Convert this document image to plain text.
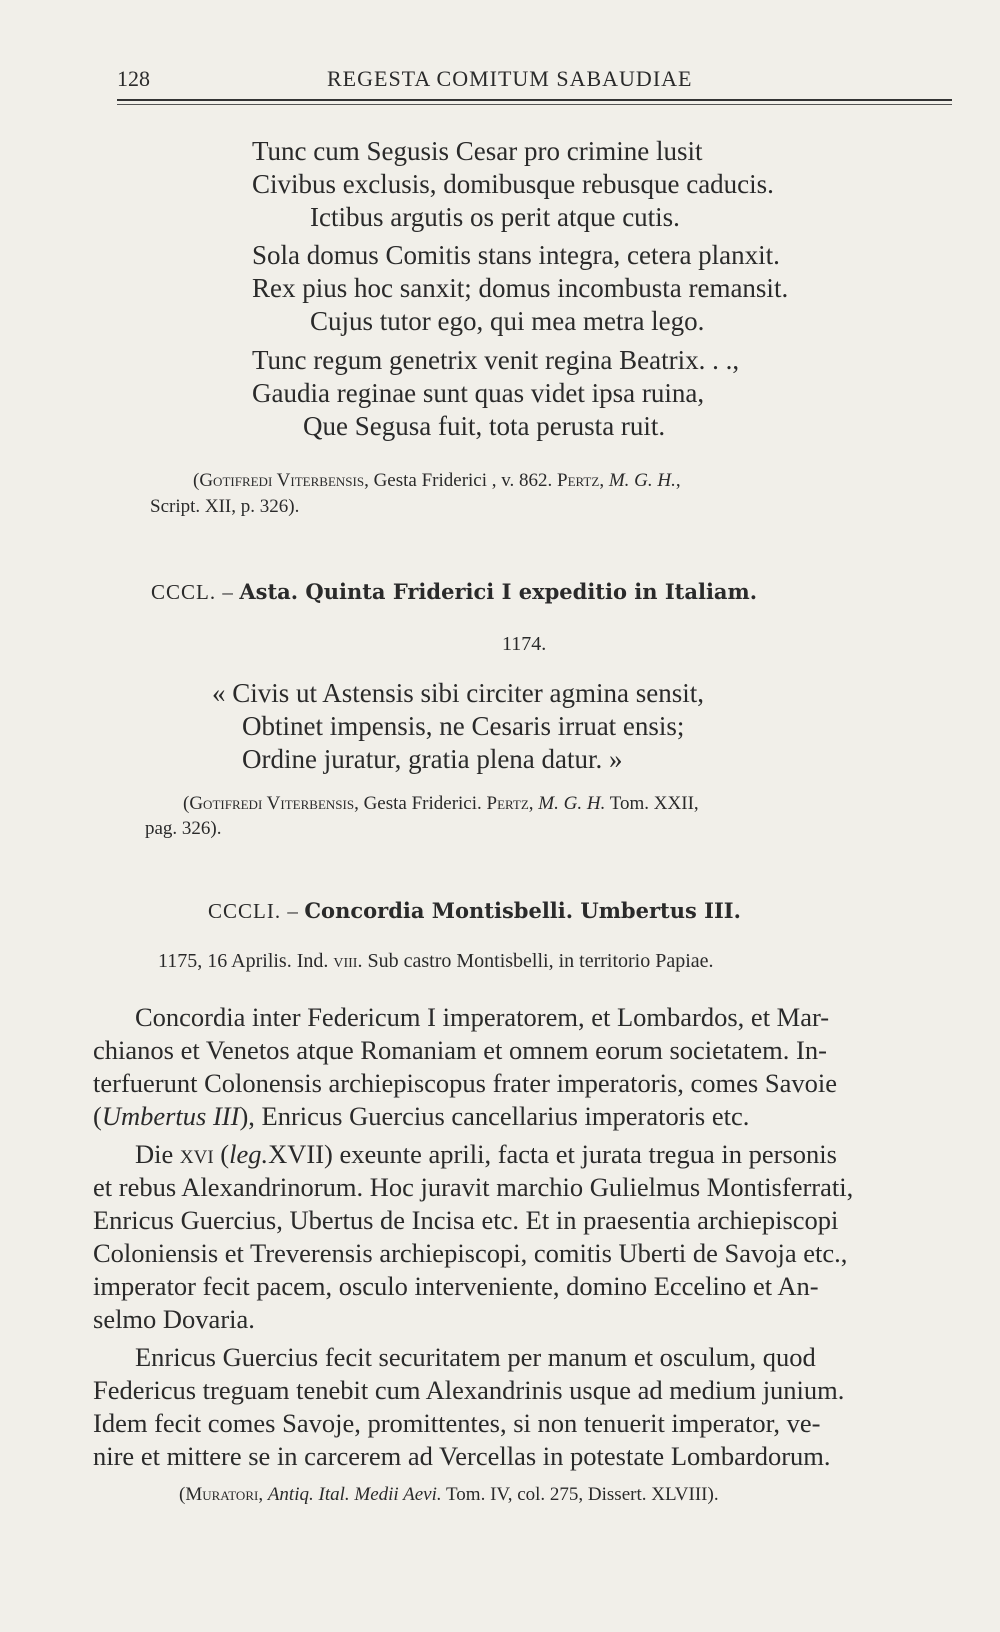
128	REGESTA COMITUM SABAUDIAE
Tunc cum Segusis Cesar pro crimine lusit
Civibus exclusis, domibusque rebusque caducis.
Ictibus argutis os perit atque cutis.
Sola domus Comitis stans integra, cetera planxit.
Rex pius hoc sanxit; domus incombusta remansit.
Cujus tutor ego, qui mea metra lego.
Tunc regum genetrix venit regina Beatrix. . .,
Gaudia reginae sunt quas videt ipsa ruina,
Que Segusa fuit, tota perusta ruit.
(Gotifredi Viterbensis, Gesta Friderici , v. 862. Pertz, M. G. H.,
Script. XII, p. 326).
CCCL. – Asta. Quinta Friderici I expeditio in Italiam.
1174.
« Civis ut Astensis sibi circiter agmina sensit,
Obtinet impensis, ne Cesaris irruat ensis;
Ordine juratur, gratia plena datur. »
(Gotifredi Viterbensis, Gesta Friderici. Pertz, M. G. H. Tom. XXII,
pag. 326).
CCCLI. – Concordia Montisbelli. Umbertus III.
1175, 16 Aprilis. Ind. viii. Sub castro Montisbelli, in territorio Papiae.
Concordia inter Federicum I imperatorem, et Lombardos, et Mar-
chianos et Venetos atque Romaniam et omnem eorum societatem. In-
terfuerunt Colonensis archiepiscopus frater imperatoris, comes Savoie
(Umbertus III), Enricus Guercius cancellarius imperatoris etc.
Die xvi (leg.XVII) exeunte aprili, facta et jurata tregua in personis
et rebus Alexandrinorum. Hoc juravit marchio Gulielmus Montisferrati,
Enricus Guercius, Ubertus de Incisa etc. Et in praesentia archiepiscopi
Coloniensis et Treverensis archiepiscopi, comitis Uberti de Savoja etc.,
imperator fecit pacem, osculo interveniente, domino Eccelino et An-
selmo Dovaria.
Enricus Guercius fecit securitatem per manum et osculum, quod
Federicus treguam tenebit cum Alexandrinis usque ad medium junium.
Idem fecit comes Savoje, promittentes, si non tenuerit imperator, ve-
nire et mittere se in carcerem ad Vercellas in potestate Lombardorum.
(Muratori, Antiq. Ital. Medii Aevi. Tom. IV, col. 275, Dissert. XLVIII).
